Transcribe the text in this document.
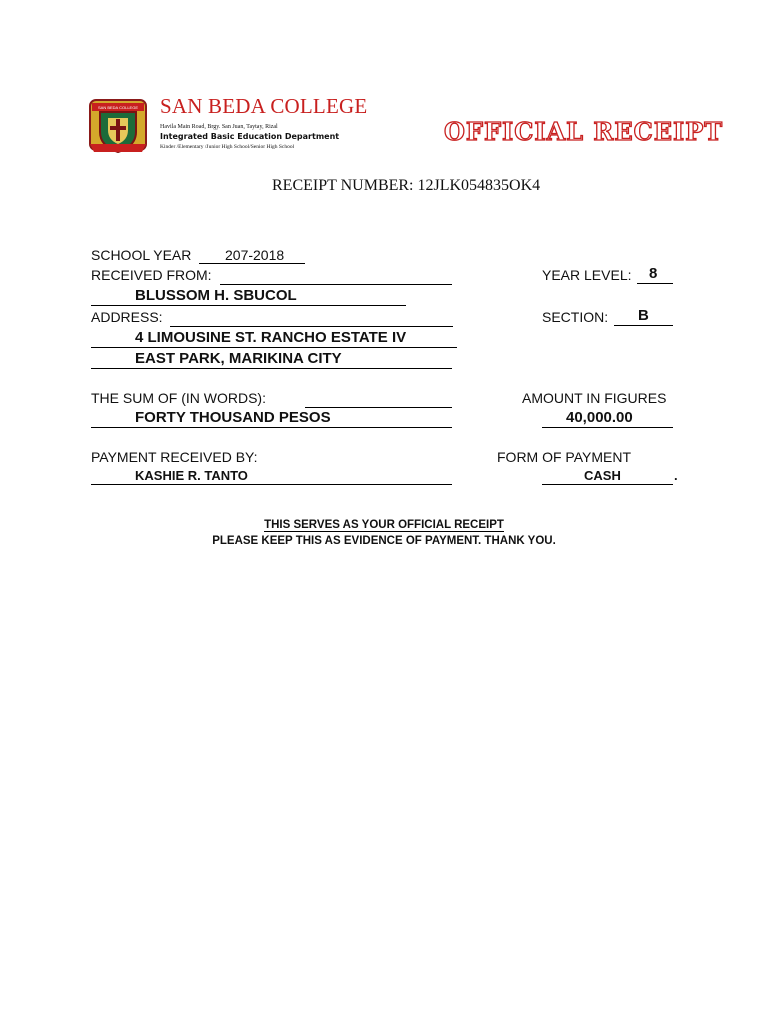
SAN BEDA COLLEGE SAN BEDA COLLEGE
Havila Main Road, Brgy. San Juan, Taytay, Rizal
Integrated Basic Education Department
Kinder /Elementary /Junior High School/Senior High School
OFFICIAL RECEIPT
RECEIPT NUMBER: 12JLK054835OK4
SCHOOL YEAR	207-2018
RECEIVED FROM:
BLUSSOM H. SBUCOL
YEAR LEVEL:	8
ADDRESS:
4 LIMOUSINE ST. RANCHO ESTATE IV
EAST PARK, MARIKINA CITY
SECTION:	B
THE SUM OF (IN WORDS):
FORTY THOUSAND PESOS
AMOUNT IN FIGURES
40,000.00
PAYMENT RECEIVED BY:
KASHIE R. TANTO
FORM OF PAYMENT
CASH	.
THIS SERVES AS YOUR OFFICIAL RECEIPT
PLEASE KEEP THIS AS EVIDENCE OF PAYMENT. THANK YOU.
